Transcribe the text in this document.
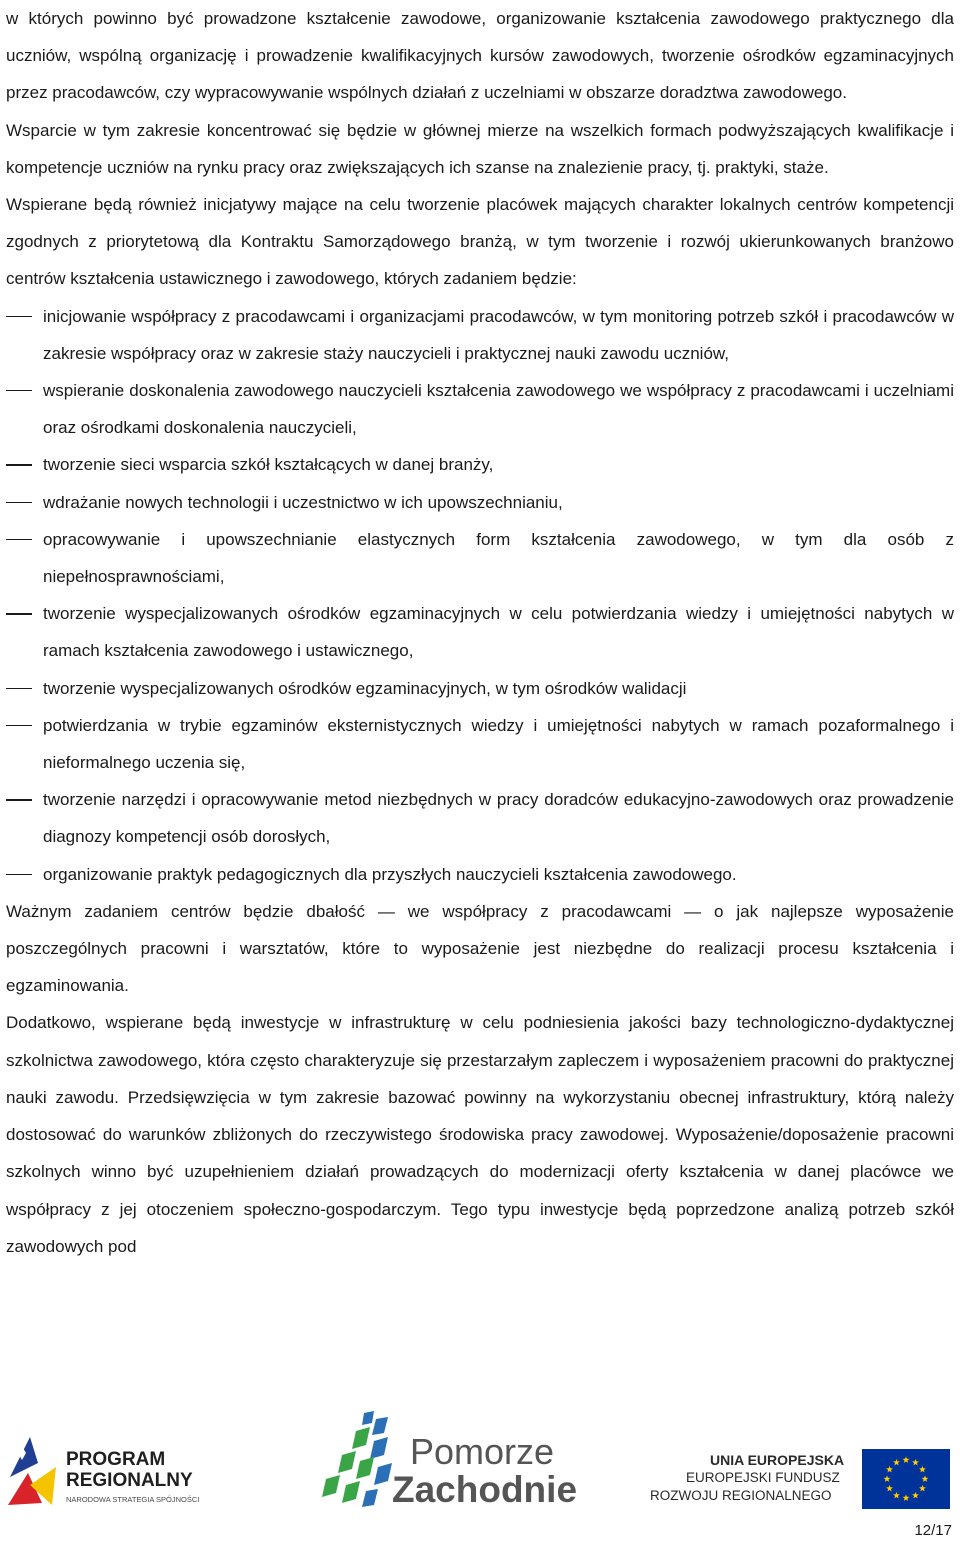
w których powinno być prowadzone kształcenie zawodowe, organizowanie kształcenia zawodowego praktycznego dla uczniów, wspólną organizację i prowadzenie kwalifikacyjnych kursów zawodowych, tworzenie ośrodków egzaminacyjnych przez pracodawców, czy wypracowywanie wspólnych działań z uczelniami w obszarze doradztwa zawodowego.

Wsparcie w tym zakresie koncentrować się będzie w głównej mierze na wszelkich formach podwyższających kwalifikacje i kompetencje uczniów na rynku pracy oraz zwiększających ich szanse na znalezienie pracy, tj. praktyki, staże.

Wspierane będą również inicjatywy mające na celu tworzenie placówek mających charakter lokalnych centrów kompetencji zgodnych z priorytetową dla Kontraktu Samorządowego branżą, w tym tworzenie i rozwój ukierunkowanych branżowo centrów kształcenia ustawicznego i zawodowego, których zadaniem będzie:

inicjowanie współpracy z pracodawcami i organizacjami pracodawców, w tym monitoring potrzeb szkół i pracodawców w zakresie współpracy oraz w zakresie staży nauczycieli i praktycznej nauki zawodu uczniów,
wspieranie doskonalenia zawodowego nauczycieli kształcenia zawodowego we współpracy z pracodawcami i uczelniami oraz ośrodkami doskonalenia nauczycieli,
tworzenie sieci wsparcia szkół kształcących w danej branży,
wdrażanie nowych technologii i uczestnictwo w ich upowszechnianiu,
opracowywanie i upowszechnianie elastycznych form kształcenia zawodowego, w tym dla osób z niepełnosprawnościami,
tworzenie wyspecjalizowanych ośrodków egzaminacyjnych w celu potwierdzania wiedzy i umiejętności nabytych w ramach kształcenia zawodowego i ustawicznego,
tworzenie wyspecjalizowanych ośrodków egzaminacyjnych, w tym ośrodków walidacji
potwierdzania w trybie egzaminów eksternistycznych wiedzy i umiejętności nabytych w ramach pozaformalnego i nieformalnego uczenia się,
tworzenie narzędzi i opracowywanie metod niezbędnych w pracy doradców edukacyjno-zawodowych oraz prowadzenie diagnozy kompetencji osób dorosłych,
organizowanie praktyk pedagogicznych dla przyszłych nauczycieli kształcenia zawodowego.

Ważnym zadaniem centrów będzie dbałość — we współpracy z pracodawcami — o jak najlepsze wyposażenie poszczególnych pracowni i warsztatów, które to wyposażenie jest niezbędne do realizacji procesu kształcenia i egzaminowania.

Dodatkowo, wspierane będą inwestycje w infrastrukturę w celu podniesienia jakości bazy technologiczno-dydaktycznej szkolnictwa zawodowego, która często charakteryzuje się przestarzałym zapleczem i wyposażeniem pracowni do praktycznej nauki zawodu. Przedsięwzięcia w tym zakresie bazować powinny na wykorzystaniu obecnej infrastruktury, którą należy dostosować do warunków zbliżonych do rzeczywistego środowiska pracy zawodowej. Wyposażenie/doposażenie pracowni szkolnych winno być uzupełnieniem działań prowadzących do modernizacji oferty kształcenia w danej placówce we współpracy z jej otoczeniem społeczno-gospodarczym. Tego typu inwestycje będą poprzedzone analizą potrzeb szkół zawodowych pod

PROGRAM
REGIONALNY
NARODOWA STRATEGIA SPÓJNOŚCI
Pomorze
Zachodnie
UNIA EUROPEJSKA
EUROPEJSKI FUNDUSZ
ROZWOJU REGIONALNEGO
12/17
